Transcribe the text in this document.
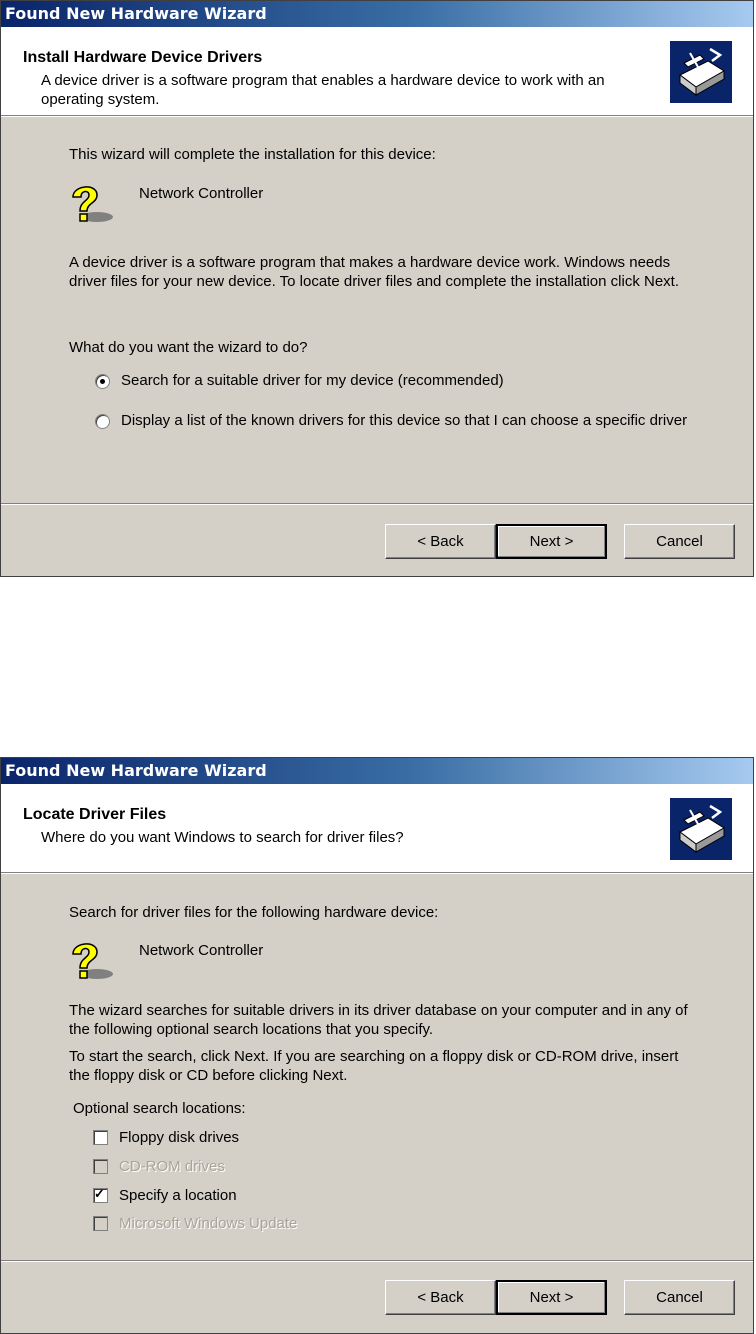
Found New Hardware Wizard
Install Hardware Device Drivers
A device driver is a software program that enables a hardware device to work with an operating system.
This wizard will complete the installation for this device:
Network Controller
A device driver is a software program that makes a hardware device work. Windows needs driver files for your new device. To locate driver files and complete the installation click Next.
What do you want the wizard to do?
Search for a suitable driver for my device (recommended)
Display a list of the known drivers for this device so that I can choose a specific driver
< Back	Next >	Cancel
Found New Hardware Wizard
Locate Driver Files
Where do you want Windows to search for driver files?
Search for driver files for the following hardware device:
Network Controller
The wizard searches for suitable drivers in its driver database on your computer and in any of the following optional search locations that you specify.
To start the search, click Next. If you are searching on a floppy disk or CD-ROM drive, insert the floppy disk or CD before clicking Next.
Optional search locations:
Floppy disk drives
CD-ROM drives
✓ Specify a location
Microsoft Windows Update
< Back	Next >	Cancel
